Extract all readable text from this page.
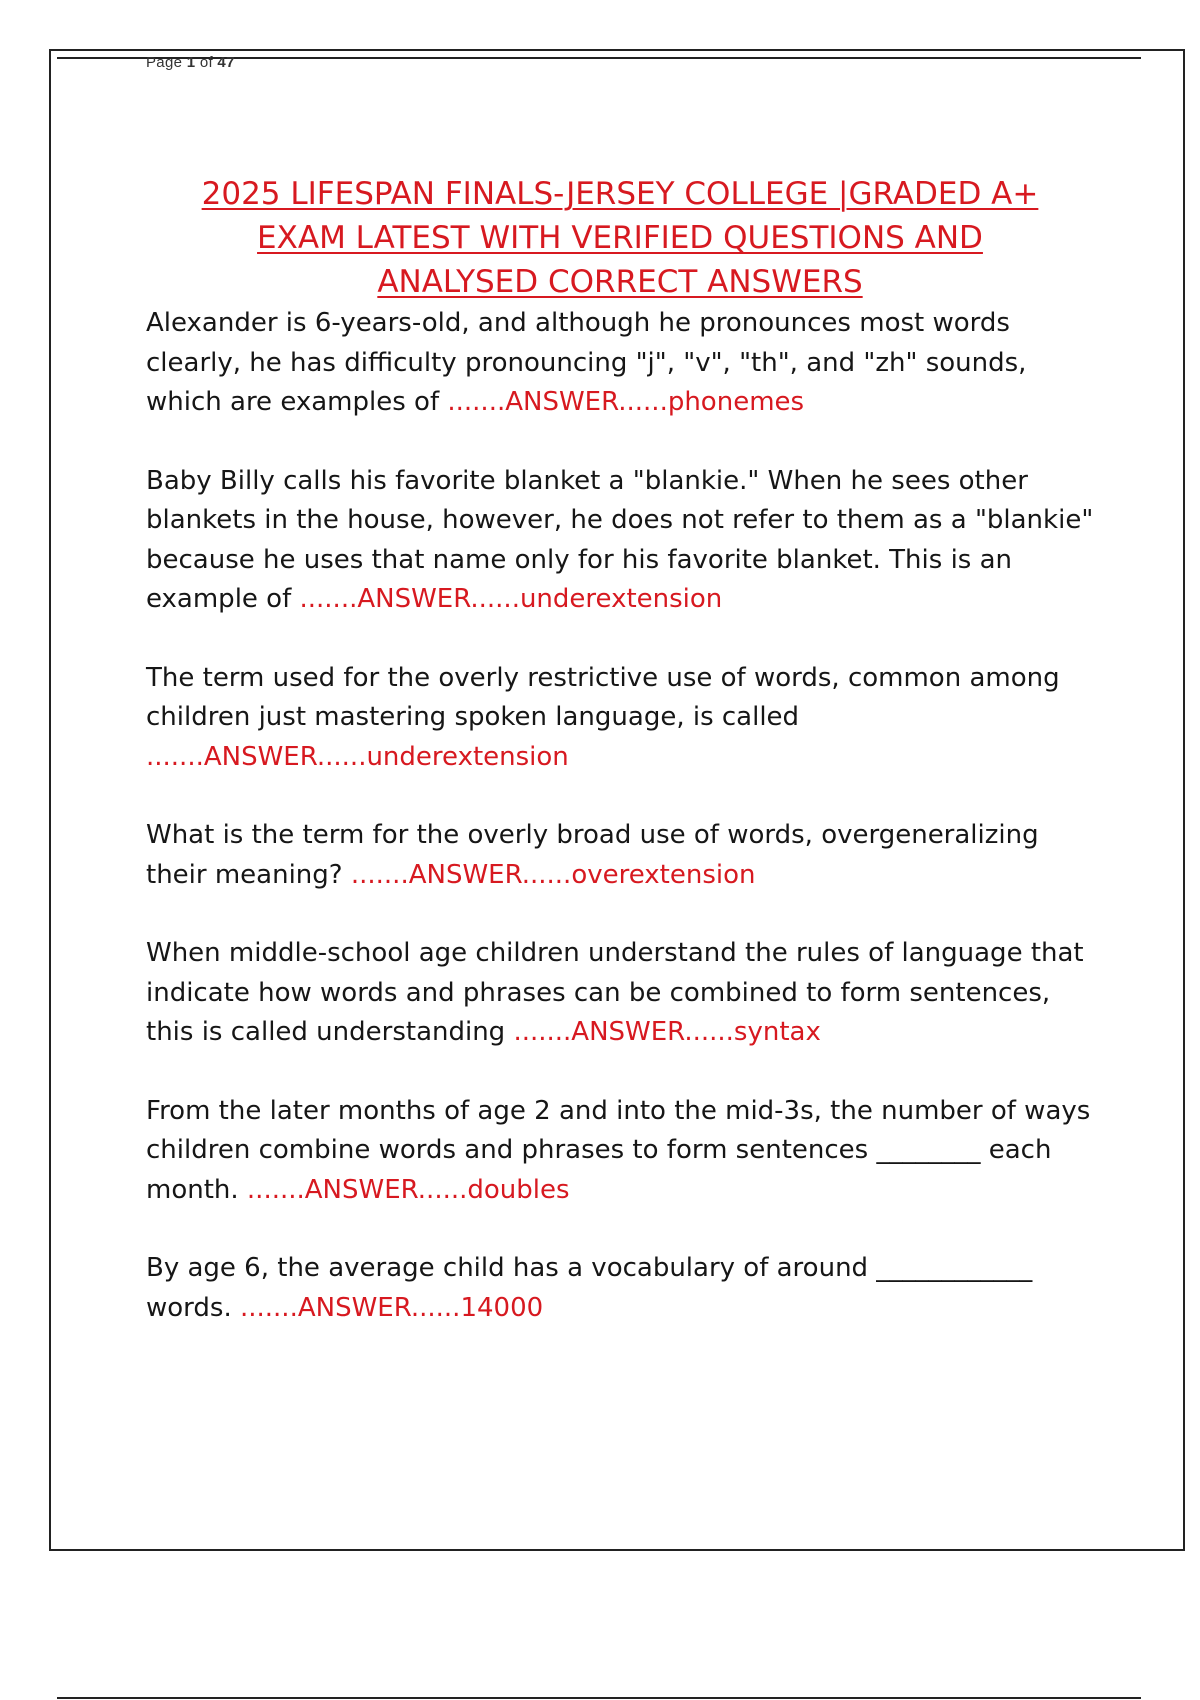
Page 1 of 47
2025 LIFESPAN FINALS-JERSEY COLLEGE |GRADED A+
EXAM LATEST WITH VERIFIED QUESTIONS AND
ANALYSED CORRECT ANSWERS

Alexander is 6-years-old, and although he pronounces most words clearly, he has difficulty pronouncing "j", "v", "th", and "zh" sounds, which are examples of .......ANSWER......phonemes

Baby Billy calls his favorite blanket a "blankie." When he sees other blankets in the house, however, he does not refer to them as a "blankie" because he uses that name only for his favorite blanket. This is an example of .......ANSWER......underextension

The term used for the overly restrictive use of words, common among children just mastering spoken language, is called .......ANSWER......underextension

What is the term for the overly broad use of words, overgeneralizing their meaning? .......ANSWER......overextension

When middle-school age children understand the rules of language that indicate how words and phrases can be combined to form sentences, this is called understanding .......ANSWER......syntax

From the later months of age 2 and into the mid-3s, the number of ways children combine words and phrases to form sentences ________ each month. .......ANSWER......doubles

By age 6, the average child has a vocabulary of around ____________ words. .......ANSWER......14000
